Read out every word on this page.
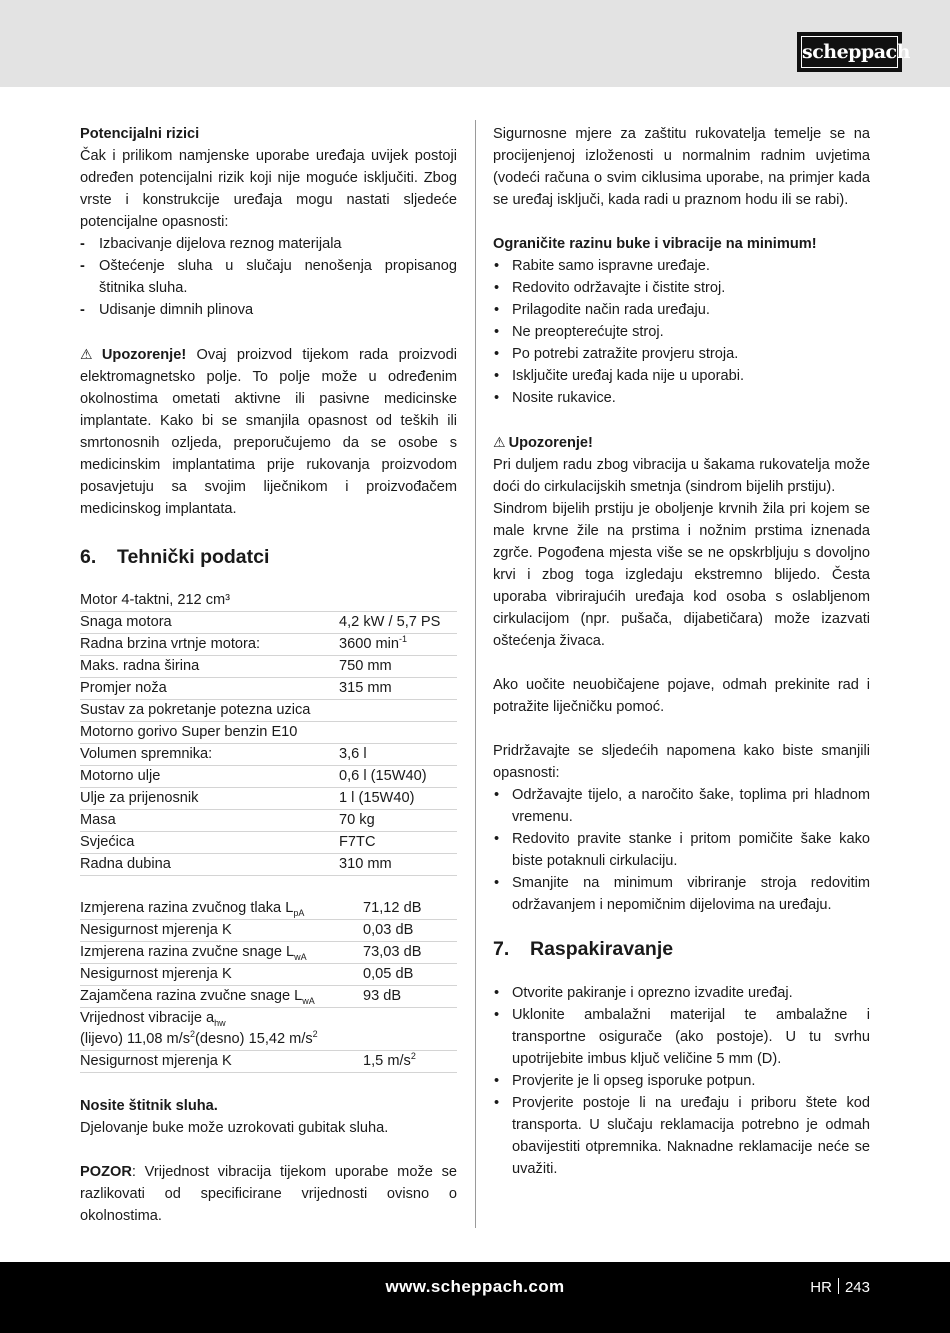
scheppach

Potencijalni rizici

Čak i prilikom namjenske uporabe uređaja uvijek postoji određen potencijalni rizik koji nije moguće isključiti. Zbog vrste i konstrukcije uređaja mogu nastati sljedeće potencijalne opasnosti:

- Izbacivanje dijelova reznog materijala
- Oštećenje sluha u slučaju nenošenja propisanog štitnika sluha.
- Udisanje dimnih plinova

⚠ Upozorenje! Ovaj proizvod tijekom rada proizvodi elektromagnetsko polje. To polje može u određenim okolnostima ometati aktivne ili pasivne medicinske implantate. Kako bi se smanjila opasnost od teških ili smrtonosnih ozljeda, preporučujemo da se osobe s medicinskim implantatima prije rukovanja proizvodom posavjetuju sa svojim liječnikom i proizvođačem medicinskog implantata.

6. Tehnički podatci
Motor 4-taktni, 212 cm³	
Snaga motora	4,2 kW / 5,7 PS
Radna brzina vrtnje motora:	3600 $\min^{-1}$
Maks. radna širina	750 mm
Promjer noža	315 mm
Sustav za pokretanje potezna uzica	
Motorno gorivo Super benzin E10	
Volumen spremnika:	3,6 l
Motorno ulje	0,6 l (15W40)
Ulje za prijenosnik	1 l (15W40)
Masa	70 kg
Svjećica	F7TC
Radna dubina	310 mm
Izmjerena razina zvučnog tlaka $L_{pA}$	71,12 dB
Nesigurnost mjerenja K	0,03 dB
Izmjerena razina zvučne snage $L_{wA}$	73,03 dB
Nesigurnost mjerenja K	0,05 dB
Zajamčena razina zvučne snage $L_{wA}$	93 dB
Vrijednost vibracije $a_{hw}$
(lijevo) 11,08 $m/s^2(desno)$ 15,42 $m/s^2$
Nesigurnost mjerenja K	1,5 $m/s^2$

Nosite štitnik sluha.

Djelovanje buke može uzrokovati gubitak sluha.

POZOR: Vrijednost vibracija tijekom uporabe može se razlikovati od specificirane vrijednosti ovisno o okolnostima.

Sigurnosne mjere za zaštitu rukovatelja temelje se na procijenjenoj izloženosti u normalnim radnim uvjetima (vodeći računa o svim ciklusima uporabe, na primjer kada se uređaj isključi, kada radi u praznom hodu ili se rabi).

Ograničite razinu buke i vibracije na minimum!

• Rabite samo ispravne uređaje.
• Redovito održavajte i čistite stroj.
• Prilagodite način rada uređaju.
• Ne preopterećujte stroj.
• Po potrebi zatražite provjeru stroja.
• Isključite uređaj kada nije u uporabi.
• Nosite rukavice.

⚠ Upozorenje!

Pri duljem radu zbog vibracija u šakama rukovatelja može doći do cirkulacijskih smetnja (sindrom bijelih prstiju).

Sindrom bijelih prstiju je oboljenje krvnih žila pri kojem se male krvne žile na prstima i nožnim prstima iznenada zgrče. Pogođena mjesta više se ne opskrbljuju s dovoljno krvi i zbog toga izgledaju ekstremno blijedo. Česta uporaba vibrirajućih uređaja kod osoba s oslabljenom cirkulacijom (npr. pušača, dijabetičara) može izazvati oštećenja živaca.

Ako uočite neuobičajene pojave, odmah prekinite rad i potražite liječničku pomoć.

Pridržavajte se sljedećih napomena kako biste smanjili opasnosti:

• Održavajte tijelo, a naročito šake, toplima pri hladnom vremenu.
• Redovito pravite stanke i pritom pomičite šake kako biste potaknuli cirkulaciju.
• Smanjite na minimum vibriranje stroja redovitim održavanjem i nepomičnim dijelovima na uređaju.
7. Raspakiravanje
• Otvorite pakiranje i oprezno izvadite uređaj.
• Uklonite ambalažni materijal te ambalažne i transportne osigurače (ako postoje). U tu svrhu upotrijebite imbus ključ veličine 5 mm (D).
• Provjerite je li opseg isporuke potpun.
• Provjerite postoje li na uređaju i priboru štete kod transporta. U slučaju reklamacija potrebno je odmah obavijestiti otpremnika. Naknadne reklamacije neće se uvažiti.
www.scheppach.com	HR 243
